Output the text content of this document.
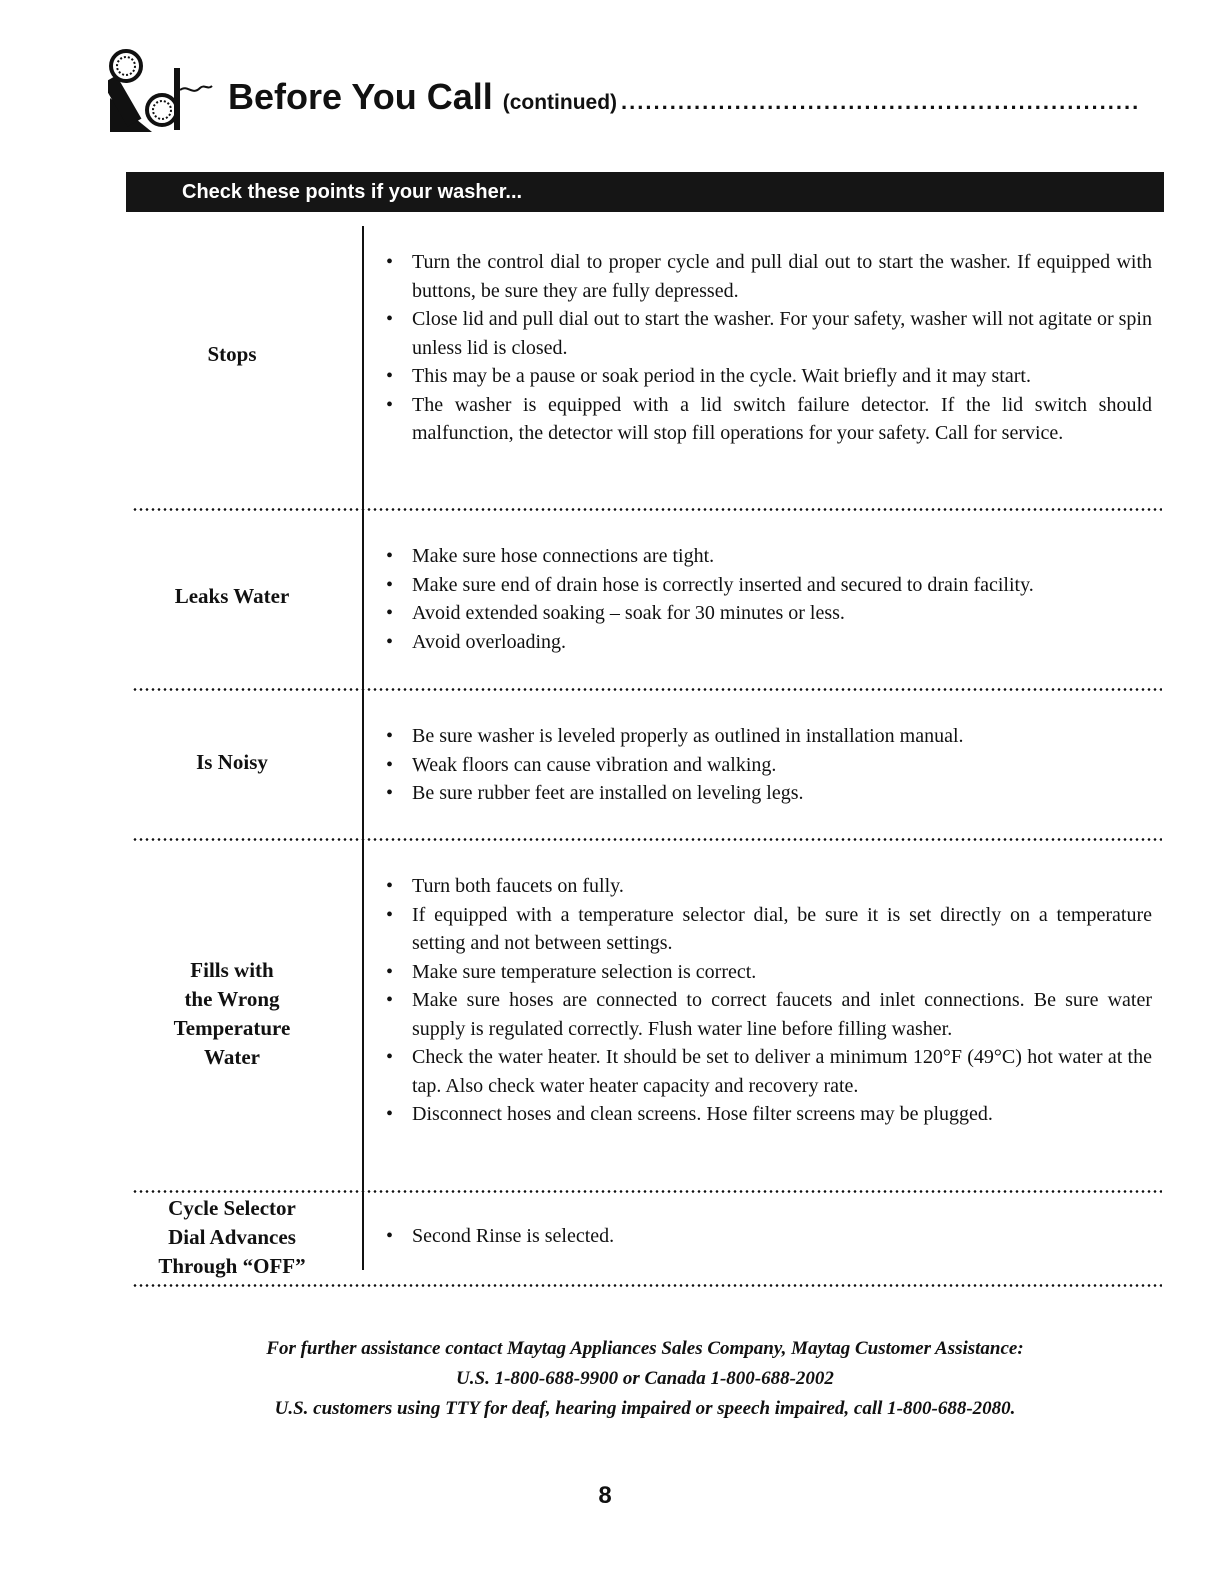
Before You Call (continued) ................................................................
Check these points if your washer...
Stops
• Turn the control dial to proper cycle and pull dial out to start the washer. If equipped with buttons, be sure they are fully depressed.
• Close lid and pull dial out to start the washer. For your safety, washer will not agitate or spin unless lid is closed.
• This may be a pause or soak period in the cycle. Wait briefly and it may start.
• The washer is equipped with a lid switch failure detector. If the lid switch should malfunction, the detector will stop fill operations for your safety. Call for service.
Leaks Water
• Make sure hose connections are tight.
• Make sure end of drain hose is correctly inserted and secured to drain facility.
• Avoid extended soaking – soak for 30 minutes or less.
• Avoid overloading.
Is Noisy
• Be sure washer is leveled properly as outlined in installation manual.
• Weak floors can cause vibration and walking.
• Be sure rubber feet are installed on leveling legs.
Fills with
the Wrong
Temperature
Water
• Turn both faucets on fully.
• If equipped with a temperature selector dial, be sure it is set directly on a temperature setting and not between settings.
• Make sure temperature selection is correct.
• Make sure hoses are connected to correct faucets and inlet connections. Be sure water supply is regulated correctly. Flush water line before filling washer.
• Check the water heater. It should be set to deliver a minimum 120°F (49°C) hot water at the tap. Also check water heater capacity and recovery rate.
• Disconnect hoses and clean screens. Hose filter screens may be plugged.
Cycle Selector
Dial Advances
Through “OFF”
• Second Rinse is selected.
For further assistance contact Maytag Appliances Sales Company, Maytag Customer Assistance:
U.S. 1-800-688-9900 or Canada 1-800-688-2002
U.S. customers using TTY for deaf, hearing impaired or speech impaired, call 1-800-688-2080.
8
